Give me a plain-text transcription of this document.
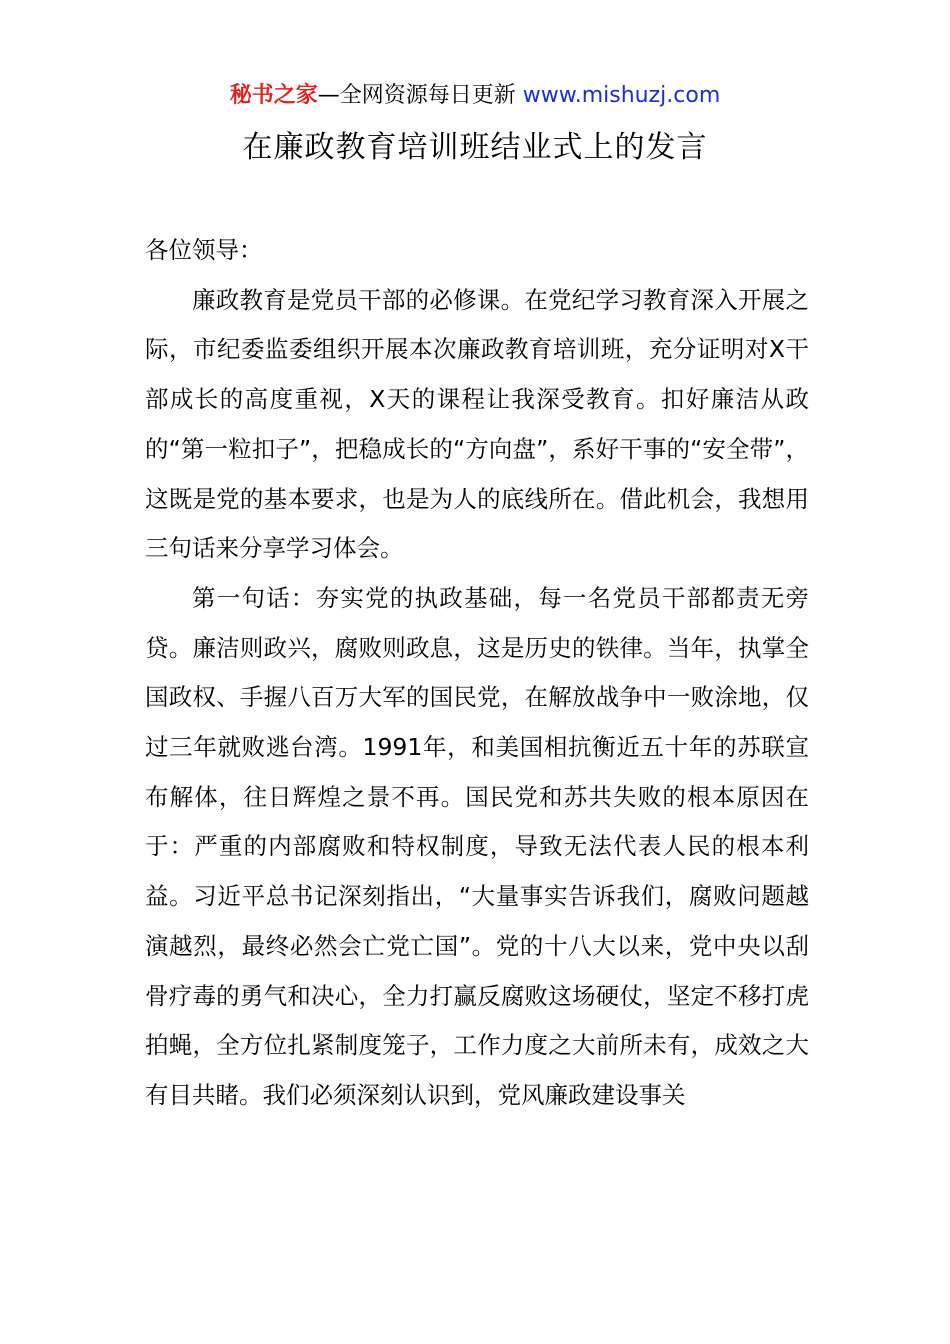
秘书之家—全网资源每日更新 www.mishuzj.com
在廉政教育培训班结业式上的发言

各位领导：

廉政教育是党员干部的必修课。在党纪学习教育深入开展之际，市纪委监委组织开展本次廉政教育培训班，充分证明对X干部成长的高度重视，X天的课程让我深受教育。扣好廉洁从政的“第一粒扣子”，把稳成长的“方向盘”，系好干事的“安全带”，这既是党的基本要求，也是为人的底线所在。借此机会，我想用三句话来分享学习体会。

第一句话：夯实党的执政基础，每一名党员干部都责无旁贷。廉洁则政兴，腐败则政息，这是历史的铁律。当年，执掌全国政权、手握八百万大军的国民党，在解放战争中一败涂地，仅过三年就败逃台湾。1991年，和美国相抗衡近五十年的苏联宣布解体，往日辉煌之景不再。国民党和苏共失败的根本原因在于：严重的内部腐败和特权制度，导致无法代表人民的根本利益。习近平总书记深刻指出，“大量事实告诉我们，腐败问题越演越烈，最终必然会亡党亡国”。党的十八大以来，党中央以刮骨疗毒的勇气和决心，全力打赢反腐败这场硬仗，坚定不移打虎拍蝇，全方位扎紧制度笼子，工作力度之大前所未有，成效之大有目共睹。我们必须深刻认识到，党风廉政建设事关
